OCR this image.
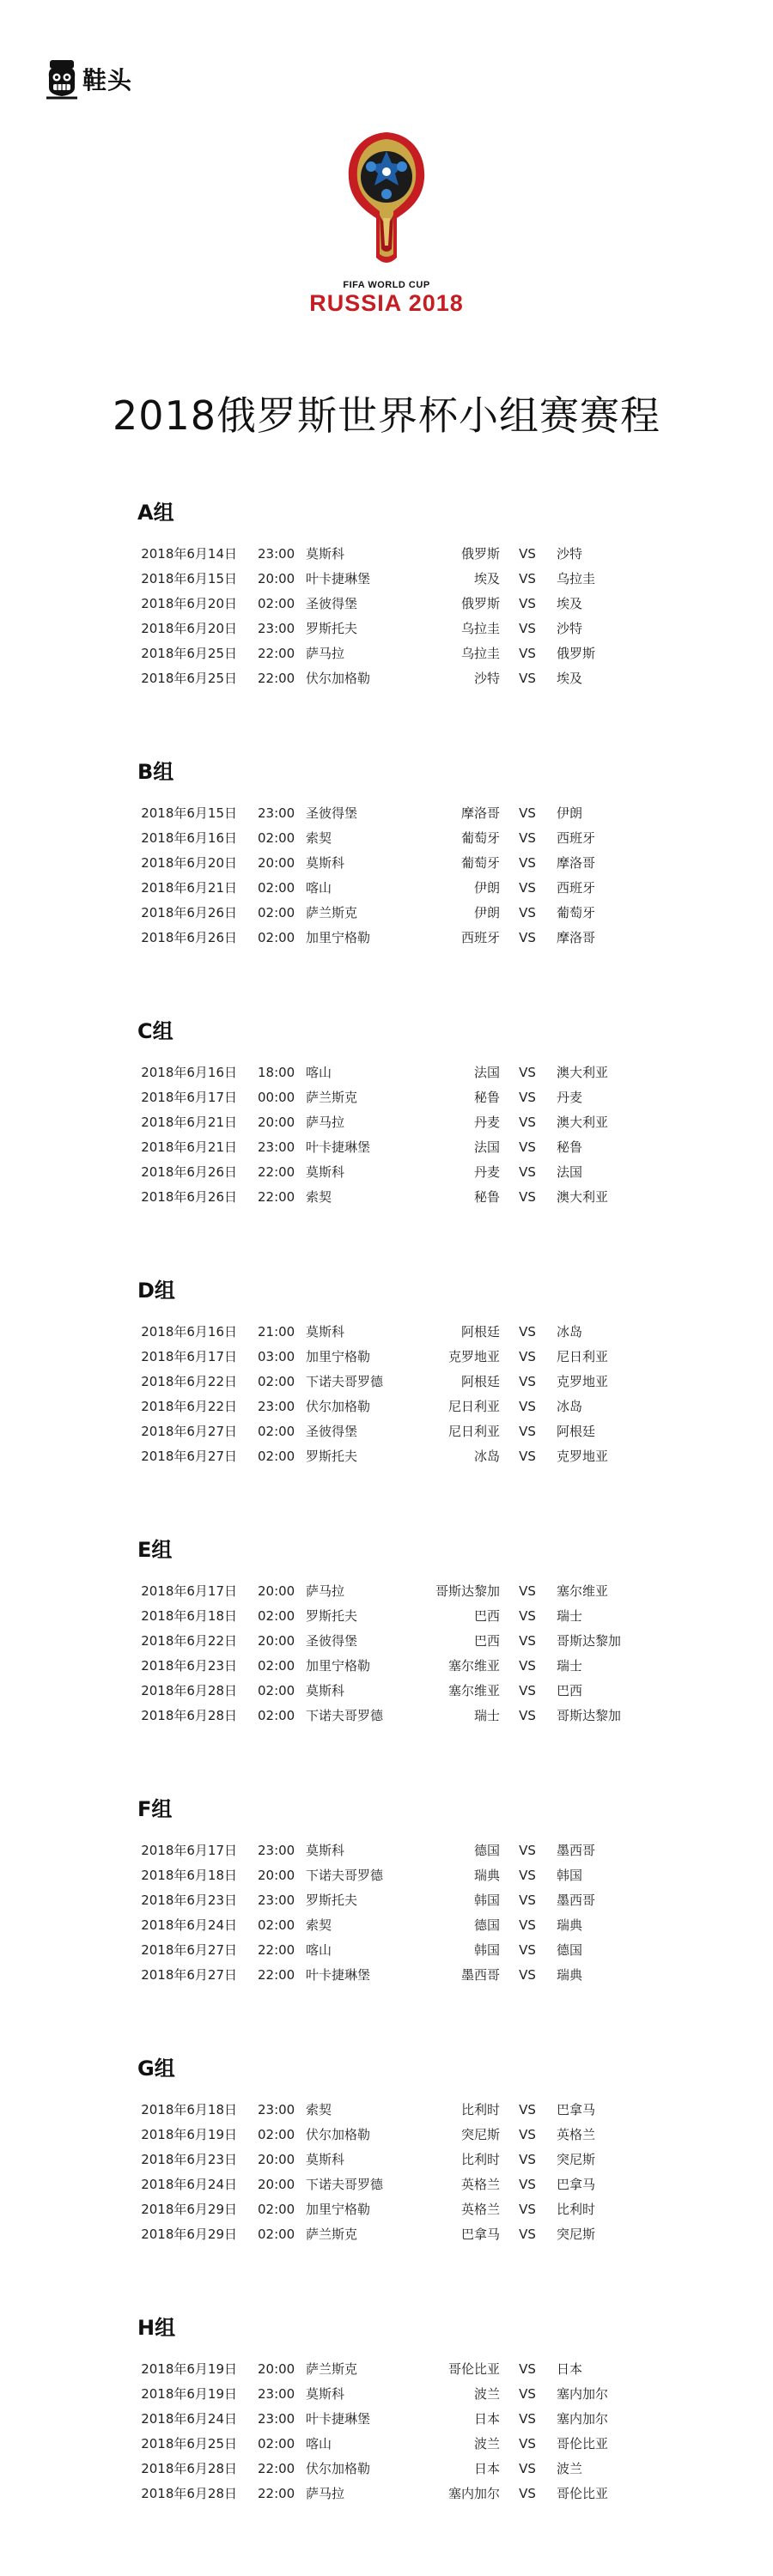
鞋头
FIFA WORLD CUP
RUSSIA 2018
2018俄罗斯世界杯小组赛赛程
A组
2018年6月14日 23:00 莫斯科	俄罗斯	VS	沙特
2018年6月15日 20:00 叶卡捷琳堡	埃及	VS	乌拉圭
2018年6月20日 02:00 圣彼得堡	俄罗斯	VS	埃及
2018年6月20日 23:00 罗斯托夫	乌拉圭	VS	沙特
2018年6月25日 22:00 萨马拉	乌拉圭	VS	俄罗斯
2018年6月25日 22:00 伏尔加格勒	沙特	VS	埃及
B组
2018年6月15日 23:00 圣彼得堡	摩洛哥	VS	伊朗
2018年6月16日 02:00 索契	葡萄牙	VS	西班牙
2018年6月20日 20:00 莫斯科	葡萄牙	VS	摩洛哥
2018年6月21日 02:00 喀山	伊朗	VS	西班牙
2018年6月26日 02:00 萨兰斯克	伊朗	VS	葡萄牙
2018年6月26日 02:00 加里宁格勒	西班牙	VS	摩洛哥
C组
2018年6月16日 18:00 喀山	法国	VS	澳大利亚
2018年6月17日 00:00 萨兰斯克	秘鲁	VS	丹麦
2018年6月21日 20:00 萨马拉	丹麦	VS	澳大利亚
2018年6月21日 23:00 叶卡捷琳堡	法国	VS	秘鲁
2018年6月26日 22:00 莫斯科	丹麦	VS	法国
2018年6月26日 22:00 索契	秘鲁	VS	澳大利亚
D组
2018年6月16日 21:00 莫斯科	阿根廷	VS	冰岛
2018年6月17日 03:00 加里宁格勒	克罗地亚	VS	尼日利亚
2018年6月22日 02:00 下诺夫哥罗德	阿根廷	VS	克罗地亚
2018年6月22日 23:00 伏尔加格勒	尼日利亚	VS	冰岛
2018年6月27日 02:00 圣彼得堡	尼日利亚	VS	阿根廷
2018年6月27日 02:00 罗斯托夫	冰岛	VS	克罗地亚
E组
2018年6月17日 20:00 萨马拉	哥斯达黎加	VS	塞尔维亚
2018年6月18日 02:00 罗斯托夫	巴西	VS	瑞士
2018年6月22日 20:00 圣彼得堡	巴西	VS	哥斯达黎加
2018年6月23日 02:00 加里宁格勒	塞尔维亚	VS	瑞士
2018年6月28日 02:00 莫斯科	塞尔维亚	VS	巴西
2018年6月28日 02:00 下诺夫哥罗德	瑞士	VS	哥斯达黎加
F组
2018年6月17日 23:00 莫斯科	德国	VS	墨西哥
2018年6月18日 20:00 下诺夫哥罗德	瑞典	VS	韩国
2018年6月23日 23:00 罗斯托夫	韩国	VS	墨西哥
2018年6月24日 02:00 索契	德国	VS	瑞典
2018年6月27日 22:00 喀山	韩国	VS	德国
2018年6月27日 22:00 叶卡捷琳堡	墨西哥	VS	瑞典
G组
2018年6月18日 23:00 索契	比利时	VS	巴拿马
2018年6月19日 02:00 伏尔加格勒	突尼斯	VS	英格兰
2018年6月23日 20:00 莫斯科	比利时	VS	突尼斯
2018年6月24日 20:00 下诺夫哥罗德	英格兰	VS	巴拿马
2018年6月29日 02:00 加里宁格勒	英格兰	VS	比利时
2018年6月29日 02:00 萨兰斯克	巴拿马	VS	突尼斯
H组
2018年6月19日 20:00 萨兰斯克	哥伦比亚	VS	日本
2018年6月19日 23:00 莫斯科	波兰	VS	塞内加尔
2018年6月24日 23:00 叶卡捷琳堡	日本	VS	塞内加尔
2018年6月25日 02:00 喀山	波兰	VS	哥伦比亚
2018年6月28日 22:00 伏尔加格勒	日本	VS	波兰
2018年6月28日 22:00 萨马拉	塞内加尔	VS	哥伦比亚
